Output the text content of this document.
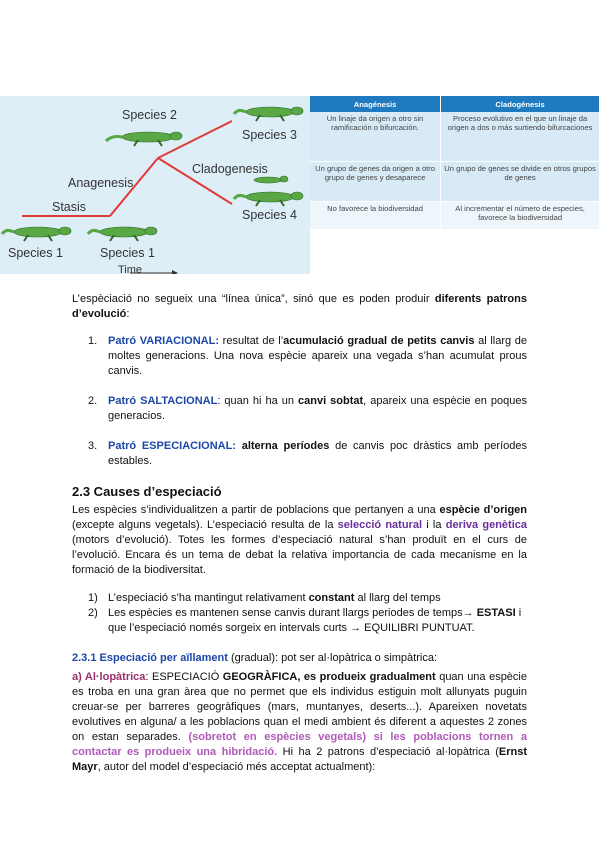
Species 2
Species 3
Cladogenesis
Anagenesis
Stasis
Species 4
Species 1	Species 1
Time
Anagénesis	Cladogénesis
Un linaje da origen a otro sin ramificación o bifurcación.	Proceso evolutivo en el que un linaje da origen a dos o más surtiendo bifurcaciones
Un grupo de genes da origen a otro grupo de genes y desaparece	Un grupo de genes se divide en otros grupos de genes
No favorece la biodiversidad	Al incrementar el número de especies, favorece la biodiversidad
L’espèciació no segueix una “línea única”, sinó que es poden produir diferents patrons d’evolució:
1. Patró VARIACIONAL: resultat de l’acumulació gradual de petits canvis al llarg de moltes generacions. Una nova espècie apareix una vegada s’han acumulat prous canvis.
2. Patró SALTACIONAL: quan hi ha un canvi sobtat, apareix una espècie en poques generacios.
3. Patró ESPECIACIONAL: alterna períodes de canvis poc dràstics amb períodes estables.
2.3 Causes d’especiació
Les espècies s’individualitzen a partir de poblacions que pertanyen a una espècie d’origen (excepte alguns vegetals). L’especiació resulta de la selecció natural i la deriva genètica (motors d’evolució). Totes les formes d’especiació natural s’han produït en el curs de l’evolució. Encara és un tema de debat la relativa importancia de cada mecanisme en la formació de la biodiversitat.
1) L’especiació s’ha mantingut relativament constant al llarg del temps
2) Les espècies es mantenen sense canvis durant llargs periodes de temps→ ESTASI i que l’especiació només sorgeix en intervals curts → EQUILIBRI PUNTUAT.
2.3.1 Especiació per aïllament (gradual): pot ser al·lopàtrica o simpàtrica:
a) Al·lopàtrica: ESPECIACIÓ GEOGRÀFICA, es produeix gradualment quan una espècie es troba en una gran àrea que no permet que els individus estiguin molt allunyats puguin creuar-se per barreres geogràfiques (mars, muntanyes, deserts...). Apareixen novetats evolutives en alguna/ a les poblacions quan el medi ambient és diferent a aquestes 2 zones on estan separades. (sobretot en espècies vegetals) si les poblacions tornen a contactar es produeix una hibridació. Hi ha 2 patrons d’especiació al·lopàtrica (Ernst Mayr, autor del model d’especiació més acceptat actualment):
